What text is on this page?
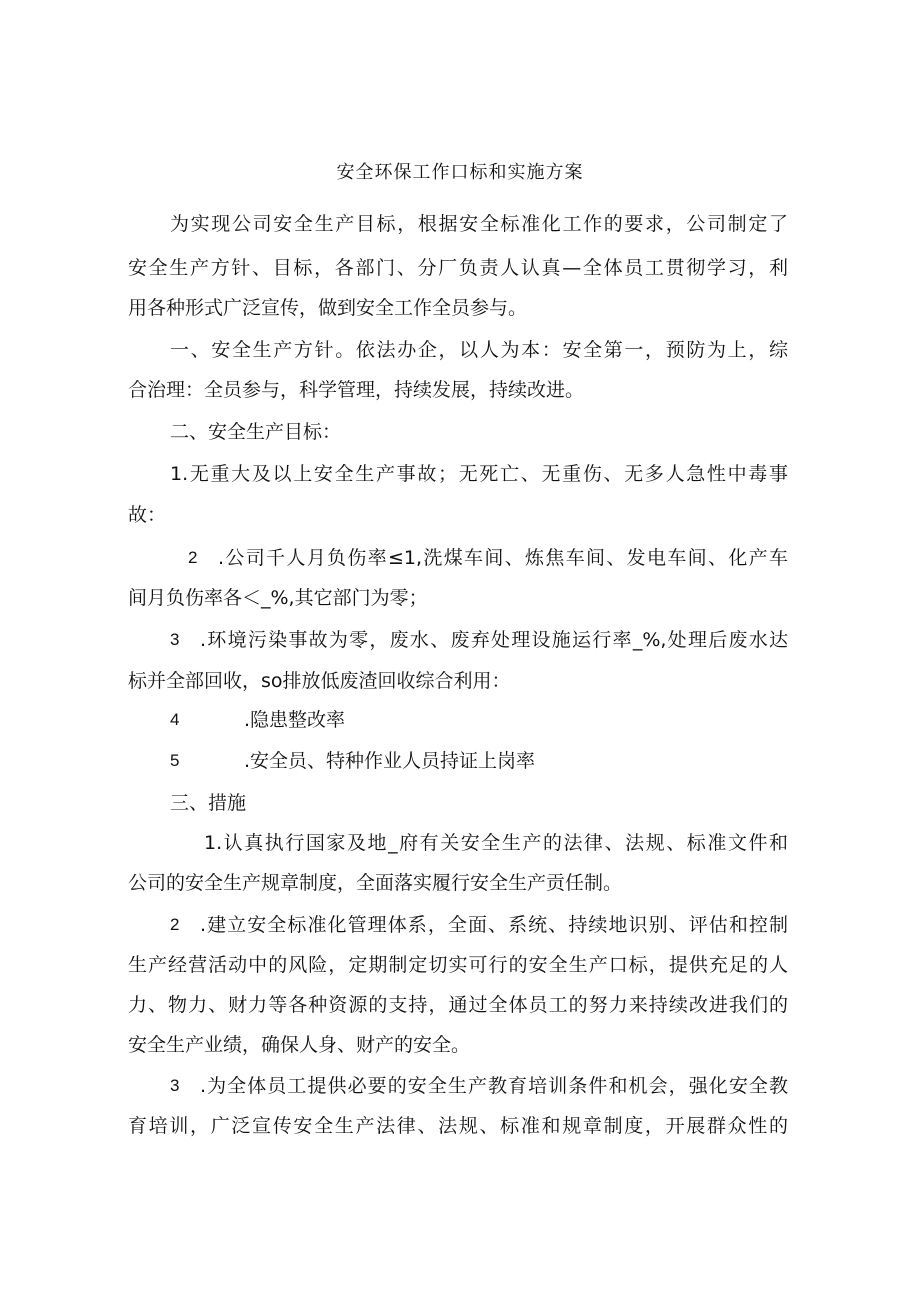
安全环保工作口标和实施方案
为实现公司安全生产目标，根据安全标准化工作的要求，公司制定了
安全生产方针、目标，各部门、分厂负责人认真—全体员工贯彻学习，利
用各种形式广泛宣传，做到安全工作全员参与。
一、安全生产方针。依法办企，以人为本：安全第一，预防为上，综
合治理：全员参与，科学管理，持续发展，持续改进。
二、安全生产目标：
1.无重大及以上安全生产事故；无死亡、无重伤、无多人急性中毒事
故：
2 .公司千人月负伤率≤1,洗煤车间、炼焦车间、发电车间、化产车
间月负伤率各＜_%,其它部门为零；
3 .环境污染事故为零，废水、废弃处理设施运行率_%,处理后废水达
标并全部回收，so排放低废渣回收综合利用：
4	.隐患整改率
5	.安全员、特种作业人员持证上岗率
三、措施
1.认真执行国家及地_府有关安全生产的法律、法规、标准文件和
公司的安全生产规章制度，全面落实履行安全生产贡任制。
2 .建立安全标准化管理体系，全面、系统、持续地识别、评估和控制
生产经营活动中的风险，定期制定切实可行的安全生产口标，提供充足的人
力、物力、财力等各种资源的支持，通过全体员工的努力来持续改进我们的
安全生产业绩，确保人身、财产的安全。
3 .为全体员工提供必要的安全生产教育培训条件和机会，强化安全教
育培训，广泛宣传安全生产法律、法规、标准和规章制度，开展群众性的
